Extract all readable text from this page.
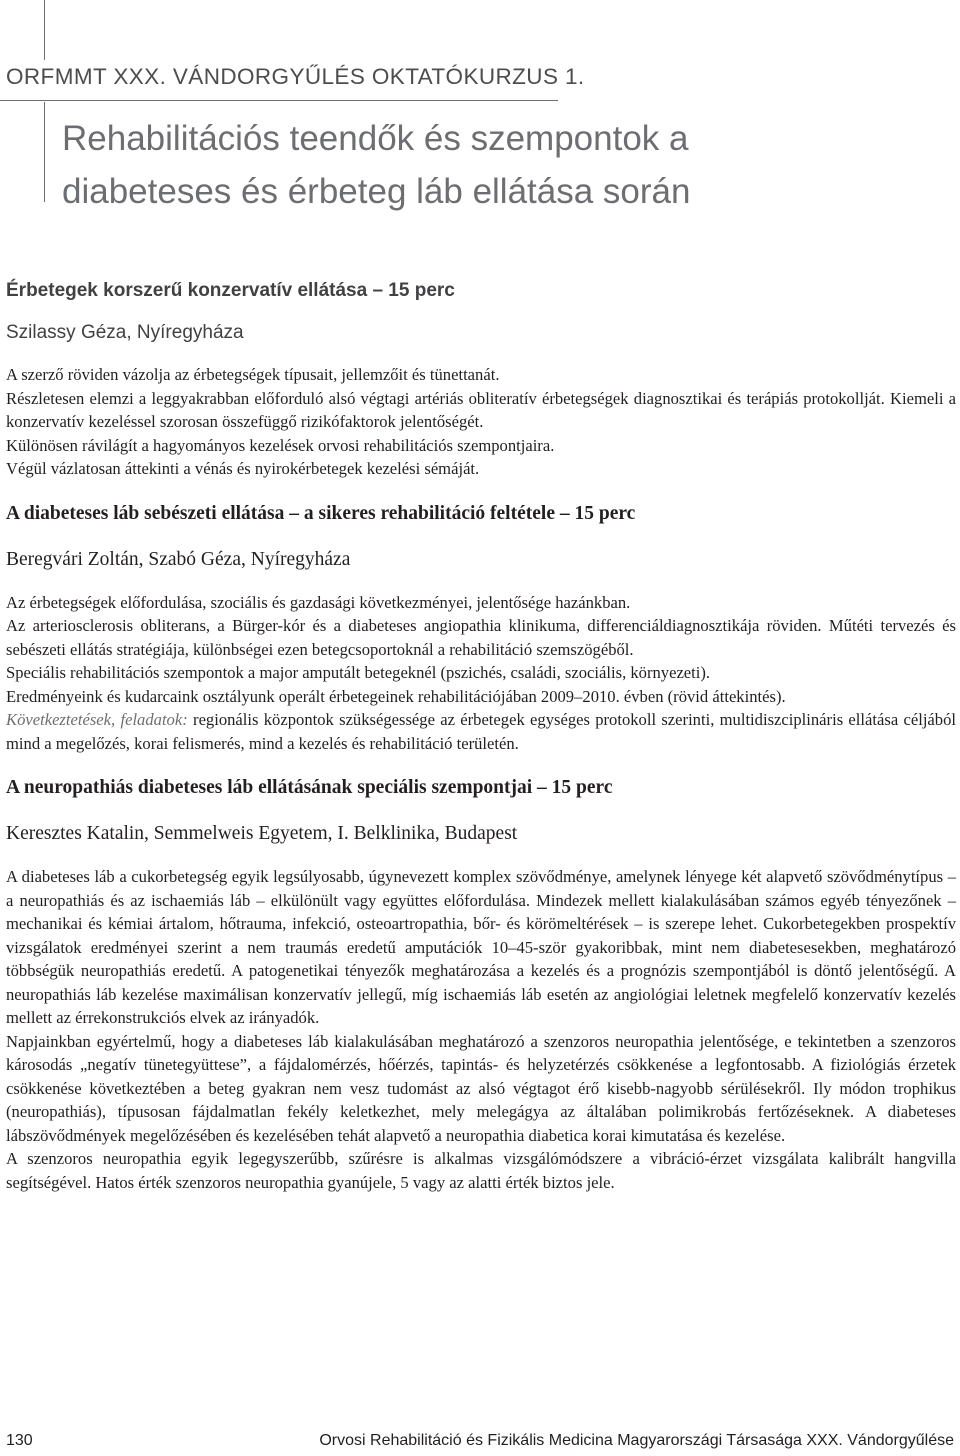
ORFMMT XXX. VÁNDORGYŰLÉS OKTATÓKURZUS 1.
Rehabilitációs teendők és szempontok a
diabeteses és érbeteg láb ellátása során
Érbetegek korszerű konzervatív ellátása – 15 perc

Szilassy Géza, Nyíregyháza

A szerző röviden vázolja az érbetegségek típusait, jellemzőit és tünettanát.

Részletesen elemzi a leggyakrabban előforduló alsó végtagi artériás obliteratív érbetegségek diagnosztikai és terápiás protokollját. Kiemeli a konzervatív kezeléssel szorosan összefüggő rizikófaktorok jelentőségét.

Különösen rávilágít a hagyományos kezelések orvosi rehabilitációs szempontjaira.

Végül vázlatosan áttekinti a vénás és nyirokérbetegek kezelési sémáját.

A diabeteses láb sebészeti ellátása – a sikeres rehabilitáció feltétele – 15 perc

Beregvári Zoltán, Szabó Géza, Nyíregyháza

Az érbetegségek előfordulása, szociális és gazdasági következményei, jelentősége hazánkban.

Az arteriosclerosis obliterans, a Bürger-kór és a diabeteses angiopathia klinikuma, differenciáldiagnosztikája röviden. Műtéti tervezés és sebészeti ellátás stratégiája, különbségei ezen betegcsoportoknál a rehabilitáció szemszögéből.

Speciális rehabilitációs szempontok a major amputált betegeknél (pszichés, családi, szociális, környezeti).

Eredményeink és kudarcaink osztályunk operált érbetegeinek rehabilitációjában 2009–2010. évben (rövid áttekintés).

Következtetések, feladatok: regionális központok szükségessége az érbetegek egységes protokoll szerinti, multidiszciplináris ellátása céljából mind a megelőzés, korai felismerés, mind a kezelés és rehabilitáció területén.

A neuropathiás diabeteses láb ellátásának speciális szempontjai – 15 perc

Keresztes Katalin, Semmelweis Egyetem, I. Belklinika, Budapest

A diabeteses láb a cukorbetegség egyik legsúlyosabb, úgynevezett komplex szövődménye, amelynek lényege két alapvető szövődménytípus – a neuropathiás és az ischaemiás láb – elkülönült vagy együttes előfordulása. Mindezek mellett kialakulásában számos egyéb tényezőnek – mechanikai és kémiai ártalom, hőtrauma, infekció, osteoartropathia, bőr- és körömeltérések – is szerepe lehet. Cukorbetegekben prospektív vizsgálatok eredményei szerint a nem traumás eredetű amputációk 10–45-ször gyakoribbak, mint nem diabetesesekben, meghatározó többségük neuropathiás eredetű. A patogenetikai tényezők meghatározása a kezelés és a prognózis szempontjából is döntő jelentőségű. A neuropathiás láb kezelése maximálisan konzervatív jellegű, míg ischaemiás láb esetén az angiológiai leletnek megfelelő konzervatív kezelés mellett az érrekonstrukciós elvek az irányadók.

Napjainkban egyértelmű, hogy a diabeteses láb kialakulásában meghatározó a szenzoros neuropathia jelentősége, e tekintetben a szenzoros károsodás „negatív tünetegyüttese”, a fájdalomérzés, hőérzés, tapintás- és helyzetérzés csökkenése a legfontosabb. A fiziológiás érzetek csökkenése következtében a beteg gyakran nem vesz tudomást az alsó végtagot érő kisebb-nagyobb sérülésekről. Ily módon trophikus (neuropathiás), típusosan fájdalmatlan fekély keletkezhet, mely melegágya az általában polimikrobás fertőzéseknek. A diabeteses lábszövődmények megelőzésében és kezelésében tehát alapvető a neuropathia diabetica korai kimutatása és kezelése.

A szenzoros neuropathia egyik legegyszerűbb, szűrésre is alkalmas vizsgálómódszere a vibráció-érzet vizsgálata kalibrált hangvilla segítségével. Hatos érték szenzoros neuropathia gyanújele, 5 vagy az alatti érték biztos jele.

130	Orvosi Rehabilitáció és Fizikális Medicina Magyarországi Társasága XXX. Vándorgyűlése
